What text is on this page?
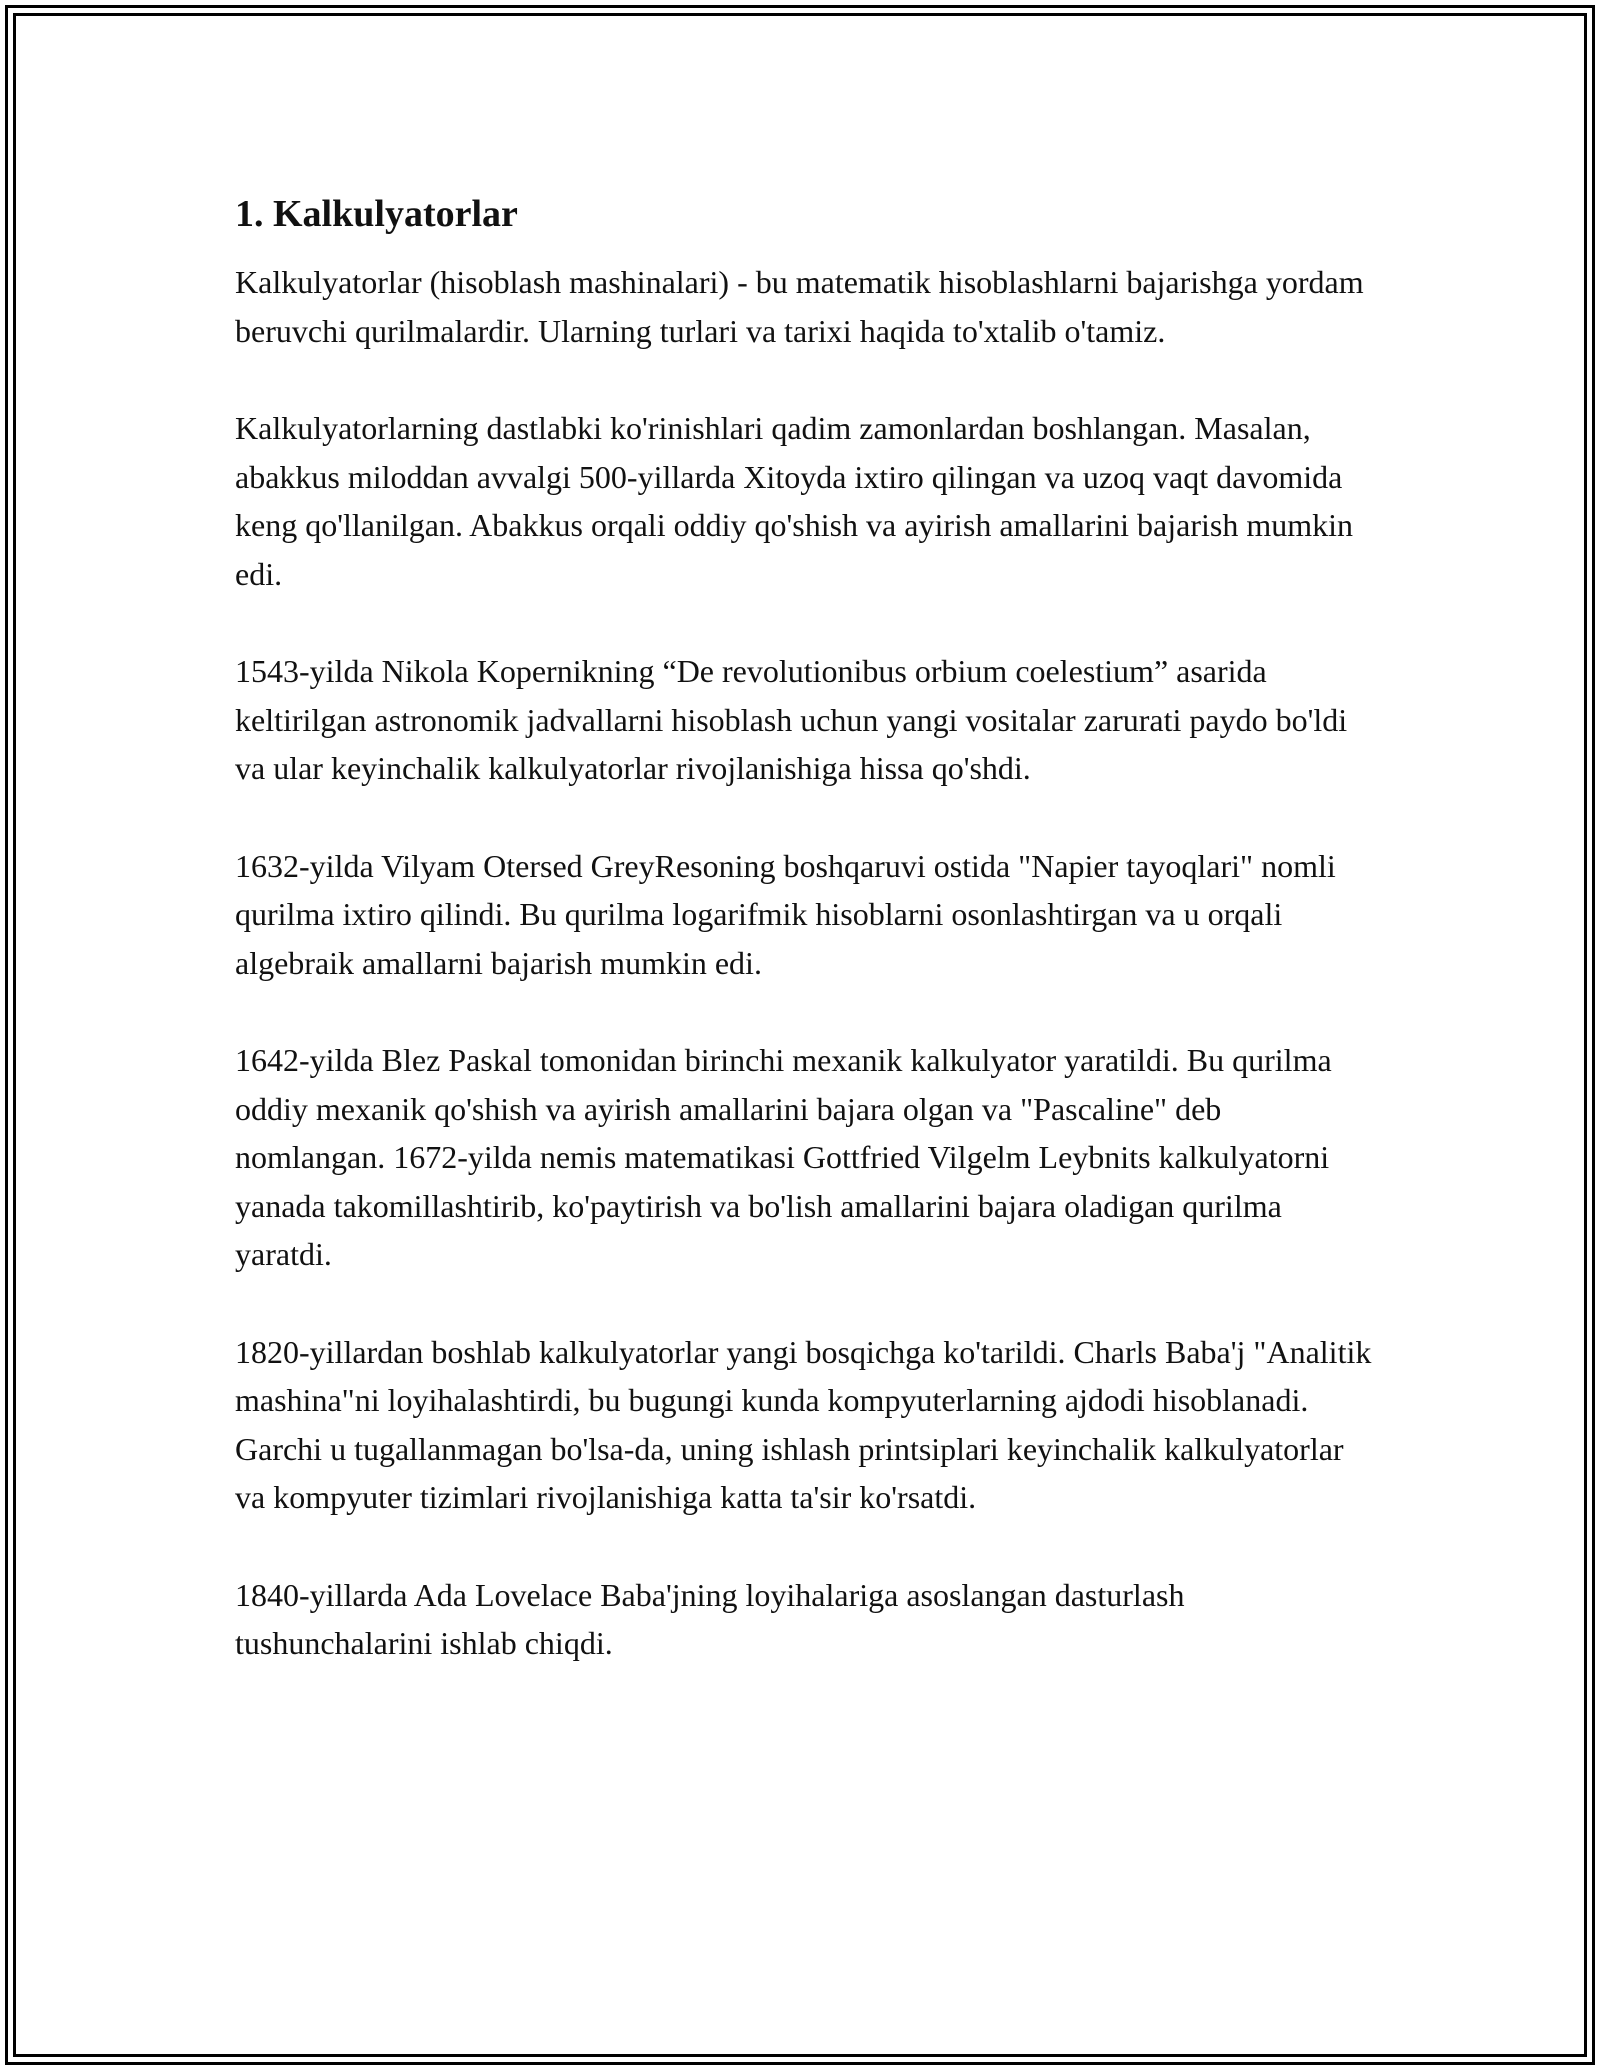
1. Kalkulyatorlar

Kalkulyatorlar (hisoblash mashinalari) - bu matematik hisoblashlarni bajarishga yordam beruvchi qurilmalardir. Ularning turlari va tarixi haqida to'xtalib o'tamiz.

Kalkulyatorlarning dastlabki ko'rinishlari qadim zamonlardan boshlangan. Masalan, abakkus miloddan avvalgi 500-yillarda Xitoyda ixtiro qilingan va uzoq vaqt davomida keng qo'llanilgan. Abakkus orqali oddiy qo'shish va ayirish amallarini bajarish mumkin edi.

1543-yilda Nikola Kopernikning “De revolutionibus orbium coelestium” asarida keltirilgan astronomik jadvallarni hisoblash uchun yangi vositalar zarurati paydo bo'ldi va ular keyinchalik kalkulyatorlar rivojlanishiga hissa qo'shdi.

1632-yilda Vilyam Otersed GreyResoning boshqaruvi ostida "Napier tayoqlari" nomli qurilma ixtiro qilindi. Bu qurilma logarifmik hisoblarni osonlashtirgan va u orqali algebraik amallarni bajarish mumkin edi.

1642-yilda Blez Paskal tomonidan birinchi mexanik kalkulyator yaratildi. Bu qurilma oddiy mexanik qo'shish va ayirish amallarini bajara olgan va "Pascaline" deb nomlangan. 1672-yilda nemis matematikasi Gottfried Vilgelm Leybnits kalkulyatorni yanada takomillashtirib, ko'paytirish va bo'lish amallarini bajara oladigan qurilma yaratdi.

1820-yillardan boshlab kalkulyatorlar yangi bosqichga ko'tarildi. Charls Baba'j "Analitik mashina"ni loyihalashtirdi, bu bugungi kunda kompyuterlarning ajdodi hisoblanadi. Garchi u tugallanmagan bo'lsa-da, uning ishlash printsiplari keyinchalik kalkulyatorlar va kompyuter tizimlari rivojlanishiga katta ta'sir ko'rsatdi.

1840-yillarda Ada Lovelace Baba'jning loyihalariga asoslangan dasturlash tushunchalarini ishlab chiqdi.
